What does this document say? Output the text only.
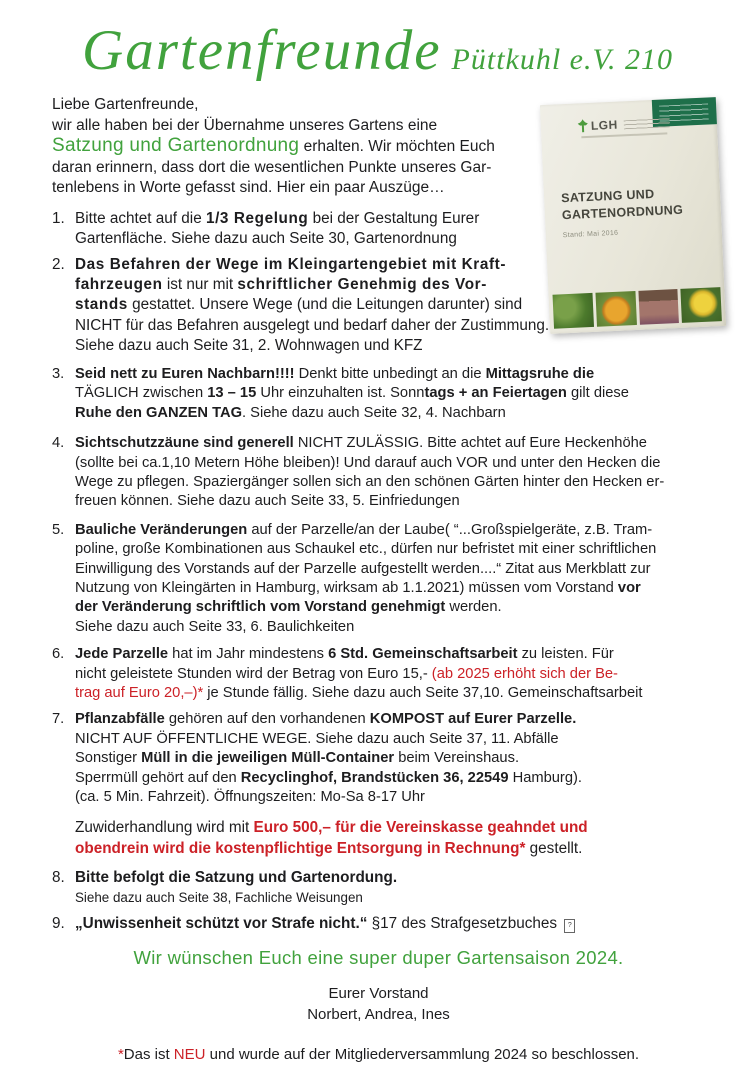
Gartenfreunde Püttkuhl e.V. 210
LGH
SATZUNG UND
GARTENORDNUNG
Stand: Mai 2016
Liebe Gartenfreunde,
wir alle haben bei der Übernahme unseres Gartens eine
Satzung und Gartenordnung erhalten. Wir möchten Euch
daran erinnern, dass dort die wesentlichen Punkte unseres Gar-
tenlebens in Worte gefasst sind. Hier ein paar Auszüge…
1. Bitte achtet auf die 1/3 Regelung bei der Gestaltung Eurer
Gartenfläche. Siehe dazu auch Seite 30, Gartenordnung
2. Das Befahren der Wege im Kleingartengebiet mit Kraft-
fahrzeugen ist nur mit schriftlicher Genehmig des Vor-
stands gestattet. Unsere Wege (und die Leitungen darunter) sind
NICHT für das Befahren ausgelegt und bedarf daher der Zustimmung.
Siehe dazu auch Seite 31, 2. Wohnwagen und KFZ
3. Seid nett zu Euren Nachbarn!!!! Denkt bitte unbedingt an die Mittagsruhe die
TÄGLICH zwischen 13 – 15 Uhr einzuhalten ist. Sonntags + an Feiertagen gilt diese
Ruhe den GANZEN TAG. Siehe dazu auch Seite 32, 4. Nachbarn
4. Sichtschutzzäune sind generell NICHT ZULÄSSIG. Bitte achtet auf Eure Heckenhöhe
(sollte bei ca.1,10 Metern Höhe bleiben)! Und darauf auch VOR und unter den Hecken die
Wege zu pflegen. Spaziergänger sollen sich an den schönen Gärten hinter den Hecken er-
freuen können. Siehe dazu auch Seite 33, 5. Einfriedungen
5. Bauliche Veränderungen auf der Parzelle/an der Laube( “...Großspielgeräte, z.B. Tram-
poline, große Kombinationen aus Schaukel etc., dürfen nur befristet mit einer schriftlichen
Einwilligung des Vorstands auf der Parzelle aufgestellt werden....“ Zitat aus Merkblatt zur
Nutzung von Kleingärten in Hamburg, wirksam ab 1.1.2021) müssen vom Vorstand vor
der Veränderung schriftlich vom Vorstand genehmigt werden.
Siehe dazu auch Seite 33, 6. Baulichkeiten
6. Jede Parzelle hat im Jahr mindestens 6 Std. Gemeinschaftsarbeit zu leisten. Für
nicht geleistete Stunden wird der Betrag von Euro 15,- (ab 2025 erhöht sich der Be-
trag auf Euro 20,–)* je Stunde fällig. Siehe dazu auch Seite 37,10. Gemeinschaftsarbeit
7. Pflanzabfälle gehören auf den vorhandenen KOMPOST auf Eurer Parzelle.
NICHT AUF ÖFFENTLICHE WEGE. Siehe dazu auch Seite 37, 11. Abfälle
Sonstiger Müll in die jeweiligen Müll-Container beim Vereinshaus.
Sperrmüll gehört auf den Recyclinghof, Brandstücken 36, 22549 Hamburg).
(ca. 5 Min. Fahrzeit). Öffnungszeiten: Mo-Sa 8-17 Uhr
Zuwiderhandlung wird mit Euro 500,– für die Vereinskasse geahndet und
obendrein wird die kostenpflichtige Entsorgung in Rechnung* gestellt.
8. Bitte befolgt die Satzung und Gartenordung.
Siehe dazu auch Seite 38, Fachliche Weisungen
9. „Unwissenheit schützt vor Strafe nicht.“ §17 des Strafgesetzbuches ?
Wir wünschen Euch eine super duper Gartensaison 2024.
Eurer Vorstand
Norbert, Andrea, Ines
*Das ist NEU und wurde auf der Mitgliederversammlung 2024 so beschlossen.
